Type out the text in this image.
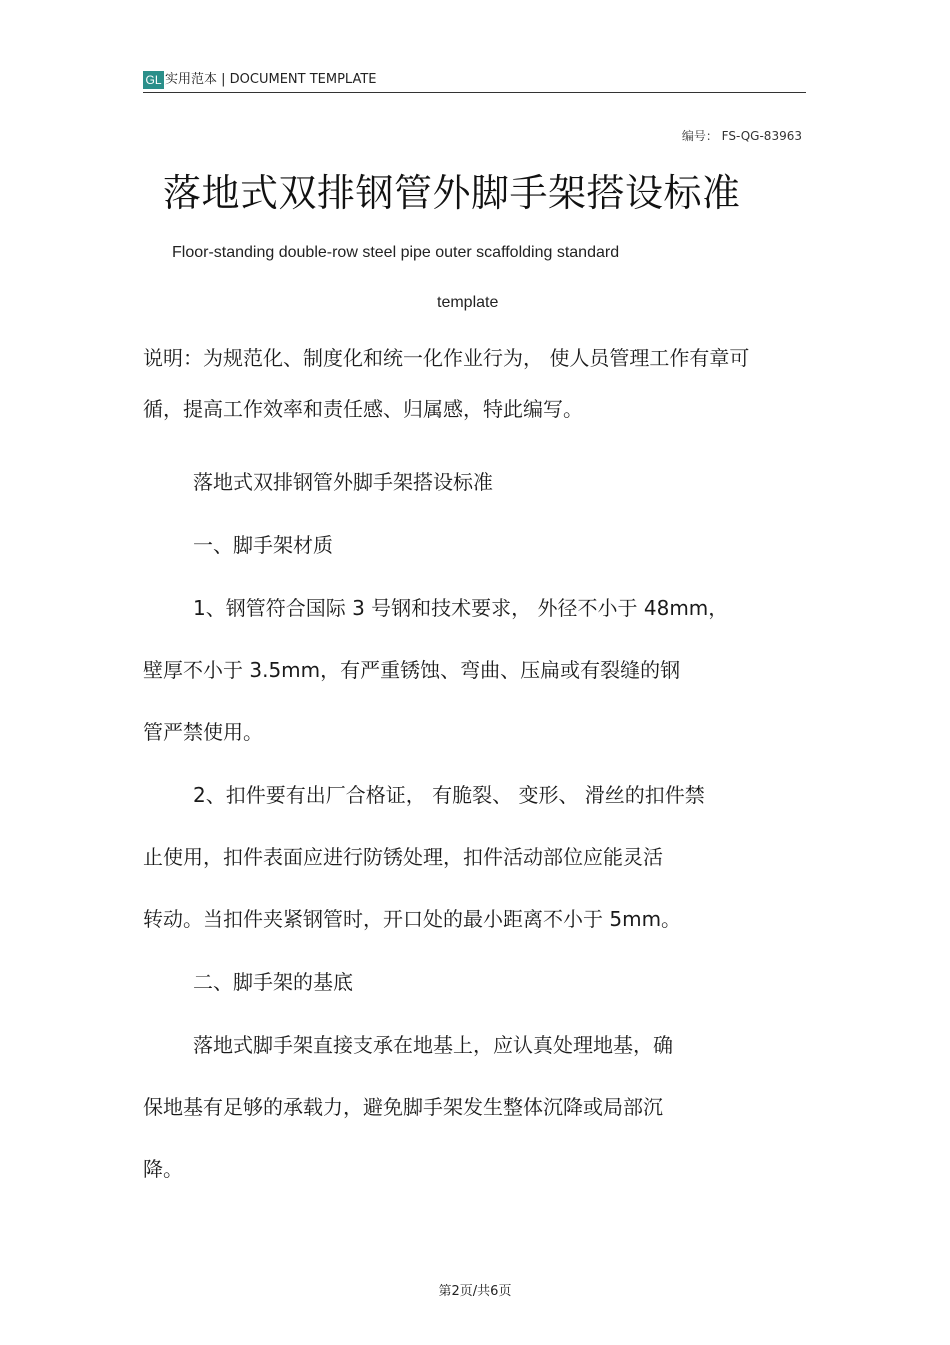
GL 实用范本 | DOCUMENT TEMPLATE
编号： FS-QG-83963
落地式双排钢管外脚手架搭设标准
Floor-standing double-row steel pipe outer scaffolding standard
template
说明：为规范化、制度化和统一化作业行为， 使人员管理工作有章可
循，提高工作效率和责任感、归属感，特此编写。
落地式双排钢管外脚手架搭设标准
一、脚手架材质
1、钢管符合国际 3 号钢和技术要求， 外径不小于 48mm，
壁厚不小于 3.5mm，有严重锈蚀、弯曲、压扁或有裂缝的钢
管严禁使用。
2、扣件要有出厂合格证， 有脆裂、 变形、 滑丝的扣件禁
止使用，扣件表面应进行防锈处理，扣件活动部位应能灵活
转动。当扣件夹紧钢管时，开口处的最小距离不小于 5mm。
二、脚手架的基底
落地式脚手架直接支承在地基上，应认真处理地基，确
保地基有足够的承载力，避免脚手架发生整体沉降或局部沉
降。
第2页/共6页
